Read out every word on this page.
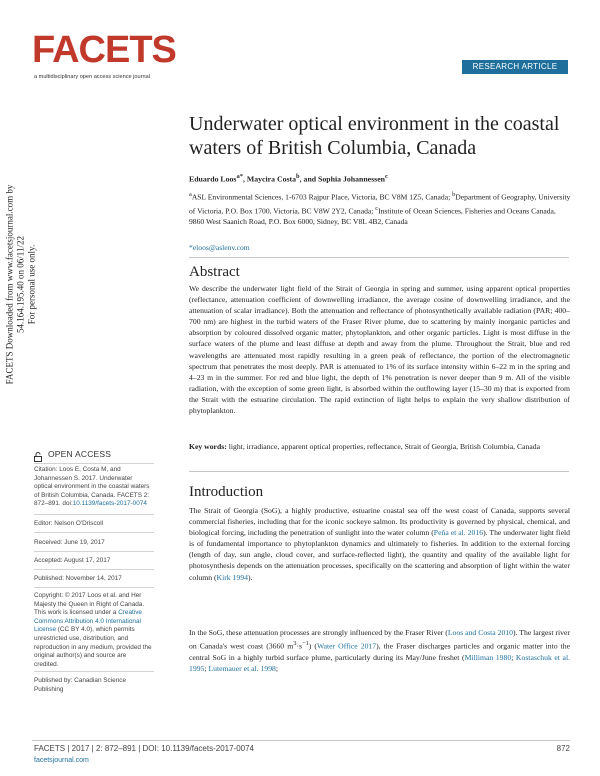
FACETS
a multidisciplinary open access science journal
RESEARCH ARTICLE
FACETS Downloaded from www.facetsjournal.com by 54.164.195.40 on 06/11/22 For personal use only.
Underwater optical environment in the coastal waters of British Columbia, Canada
Eduardo Loos$^{a*}$, Maycira Costa$^b$, and Sophia Johannessen$^c$
$^a$ASL Environmental Sciences, 1-6703 Rajpur Place, Victoria, BC V8M 1Z5, Canada; $^b$Department of Geography, University of Victoria, P.O. Box 1700, Victoria, BC V8W 2Y2, Canada; $^c$Institute of Ocean Sciences, Fisheries and Oceans Canada, 9860 West Saanich Road, P.O. Box 6000, Sidney, BC V8L 4B2, Canada
*eloos@aslenv.com
Abstract
We describe the underwater light field of the Strait of Georgia in spring and summer, using apparent optical properties (reflectance, attenuation coefficient of downwelling irradiance, the average cosine of downwelling irradiance, and the attenuation of scalar irradiance). Both the attenuation and reflectance of photosynthetically available radiation (PAR; 400–700 nm) are highest in the turbid waters of the Fraser River plume, due to scattering by mainly inorganic particles and absorption by coloured dissolved organic matter, phytoplankton, and other organic particles. Light is most diffuse in the surface waters of the plume and least diffuse at depth and away from the plume. Throughout the Strait, blue and red wavelengths are attenuated most rapidly resulting in a green peak of reflectance, the portion of the electromagnetic spectrum that penetrates the most deeply. PAR is attenuated to 1% of its surface intensity within 6–22 m in the spring and 4–23 m in the summer. For red and blue light, the depth of 1% penetration is never deeper than 9 m. All of the visible radiation, with the exception of some green light, is absorbed within the outflowing layer (15–30 m) that is exported from the Strait with the estuarine circulation. The rapid extinction of light helps to explain the very shallow distribution of phytoplankton.
Key words: light, irradiance, apparent optical properties, reflectance, Strait of Georgia, British Columbia, Canada
Introduction
The Strait of Georgia (SoG), a highly productive, estuarine coastal sea off the west coast of Canada, supports several commercial fisheries, including that for the iconic sockeye salmon. Its productivity is governed by physical, chemical, and biological forcing, including the penetration of sunlight into the water column (Peña et al. 2016). The underwater light field is of fundamental importance to phytoplankton dynamics and ultimately to fisheries. In addition to the external forcing (length of day, sun angle, cloud cover, and surface-reflected light), the quantity and quality of the available light for photosynthesis depends on the attenuation processes, specifically on the scattering and absorption of light within the water column (Kirk 1994).
In the SoG, these attenuation processes are strongly influenced by the Fraser River (Loos and Costa 2010). The largest river on Canada's west coast (3660 $m^3\cdot s^{-1}$) (Water Office 2017), the Fraser discharges particles and organic matter into the central SoG in a highly turbid surface plume, particularly during its May/June freshet (Milliman 1980; Kostaschuk et al. 1995; Lutemauer et al. 1998;
OPEN ACCESS
Citation: Loos E, Costa M, and Johannessen S. 2017. Underwater optical environment in the coastal waters of British Columbia, Canada. FACETS 2: 872–891. doi:10.1139/facets-2017-0074
Editor: Nelson O'Driscoll
Received: June 19, 2017
Accepted: August 17, 2017
Published: November 14, 2017
Copyright: © 2017 Loos et al. and Her Majesty the Queen in Right of Canada. This work is licensed under a Creative Commons Attribution 4.0 International License (CC BY 4.0), which permits unrestricted use, distribution, and reproduction in any medium, provided the original author(s) and source are credited.
Published by: Canadian Science Publishing
FACETS | 2017 | 2: 872–891 | DOI: 10.1139/facets-2017-0074
facetsjournal.com
872
